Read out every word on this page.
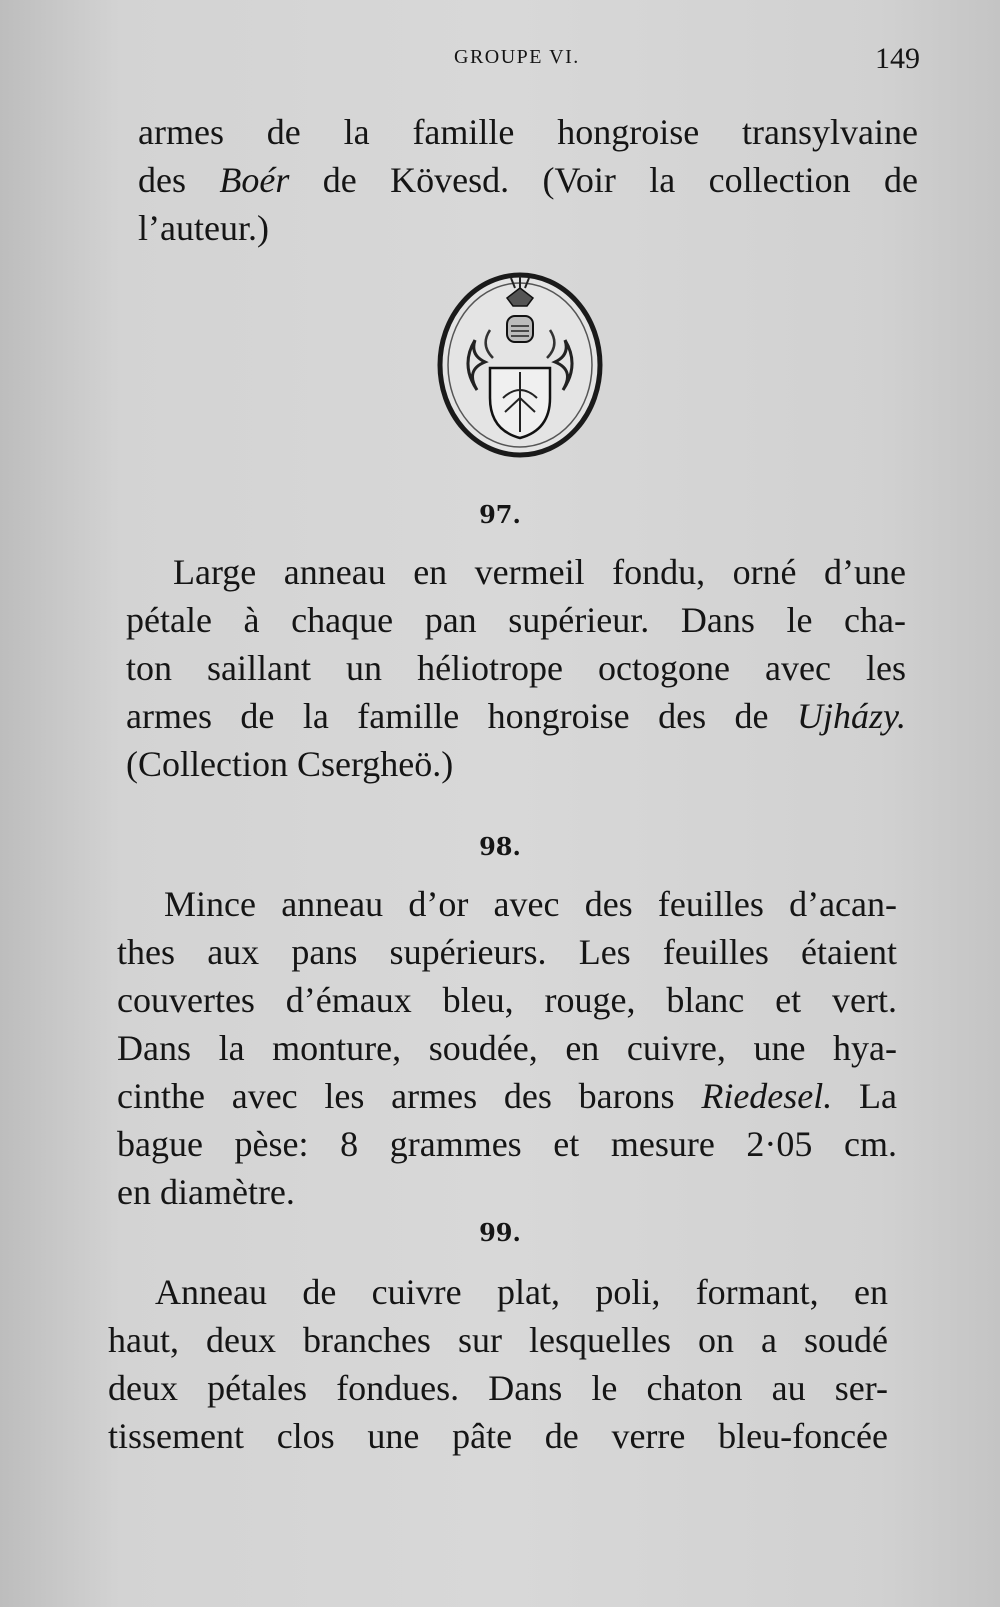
GROUPE VI.	149

armes de la famille hongroise transylvaine
des Boér de Kövesd. (Voir la collection de
l’auteur.)

97.

Large anneau en vermeil fondu, orné d’une
pétale à chaque pan supérieur. Dans le cha-
ton saillant un héliotrope octogone avec les
armes de la famille hongroise des de Ujházy.
(Collection Csergheö.)

98.

Mince anneau d’or avec des feuilles d’acan-
thes aux pans supérieurs. Les feuilles étaient
couvertes d’émaux bleu, rouge, blanc et vert.
Dans la monture, soudée, en cuivre, une hya-
cinthe avec les armes des barons Riedesel. La
bague pèse: 8 grammes et mesure 2·05 cm.
en diamètre.

99.

Anneau de cuivre plat, poli, formant, en
haut, deux branches sur lesquelles on a soudé
deux pétales fondues. Dans le chaton au ser-
tissement clos une pâte de verre bleu-foncée
